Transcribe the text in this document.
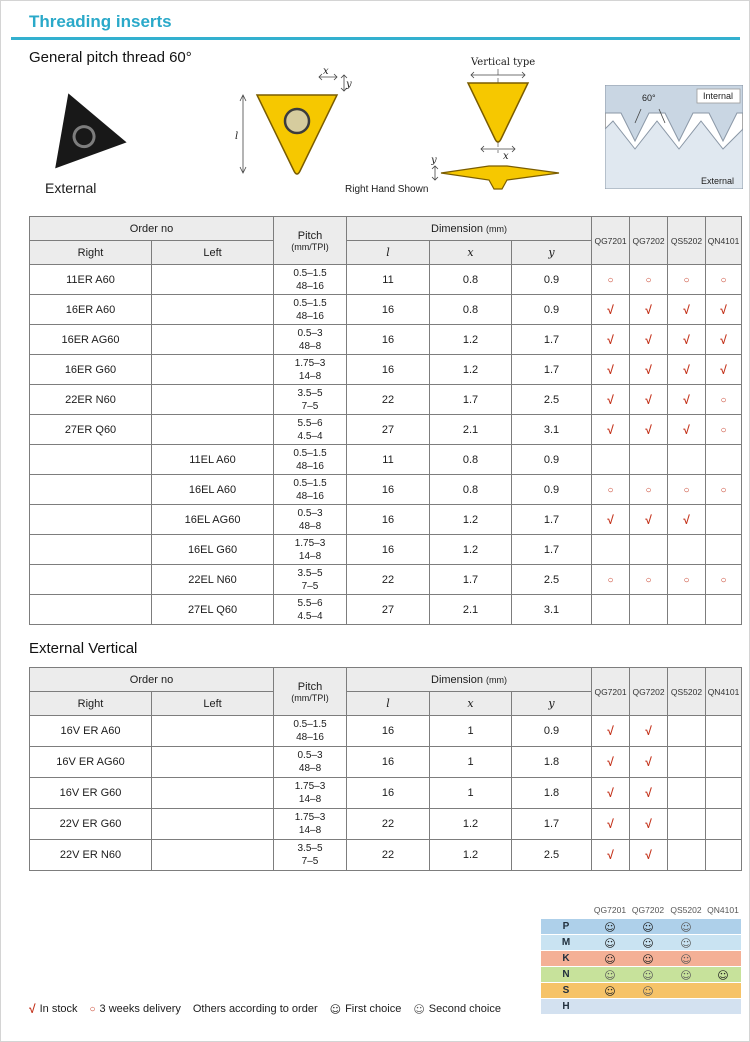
Threading inserts
General pitch thread 60°
External
l
x
y
Right Hand Shown
Vertical type
x
y
60°	Internal
External
Order no		Pitch
(mm/TPI)	Dimension (mm)			QG7201	QG7202	QS5202	QN4101
Right	Left		l	x	y				
11ER A60		0.5–1.5
48–16	11	0.8	0.9	○	○	○	○
16ER A60		0.5–1.5
48–16	16	0.8	0.9	√	√	√	√
16ER AG60		0.5–3
48–8	16	1.2	1.7	√	√	√	√
16ER G60		1.75–3
14–8	16	1.2	1.7	√	√	√	√
22ER N60		3.5–5
7–5	22	1.7	2.5	√	√	√	○
27ER Q60		5.5–6
4.5–4	27	2.1	3.1	√	√	√	○
	11EL A60	0.5–1.5
48–16	11	0.8	0.9				
	16EL A60	0.5–1.5
48–16	16	0.8	0.9	○	○	○	○
	16EL AG60	0.5–3
48–8	16	1.2	1.7	√	√	√	
	16EL G60	1.75–3
14–8	16	1.2	1.7				
	22EL N60	3.5–5
7–5	22	1.7	2.5	○	○	○	○
	27EL Q60	5.5–6
4.5–4	27	2.1	3.1				
External Vertical
Order no		Pitch
(mm/TPI)	Dimension (mm)			QG7201	QG7202	QS5202	QN4101
Right	Left		l	x	y				
16V ER A60		0.5–1.5
48–16	16	1	0.9	√	√		
16V ER AG60		0.5–3
48–8	16	1	1.8	√	√		
16V ER G60		1.75–3
14–8	16	1	1.8	√	√		
22V ER G60		1.75–3
14–8	22	1.2	1.7	√	√		
22V ER N60		3.5–5
7–5	22	1.2	2.5	√	√		
QG7201 QG7202 QS5202 QN4101
P	☺	☺	☺
M	☺	☺	☺
K	☺	☺	☺
N	☺	☺	☺	☺
S	☺	☺
H
√ In stock ○ 3 weeks delivery Others according to order ☺ First choice ☺ Second choice
